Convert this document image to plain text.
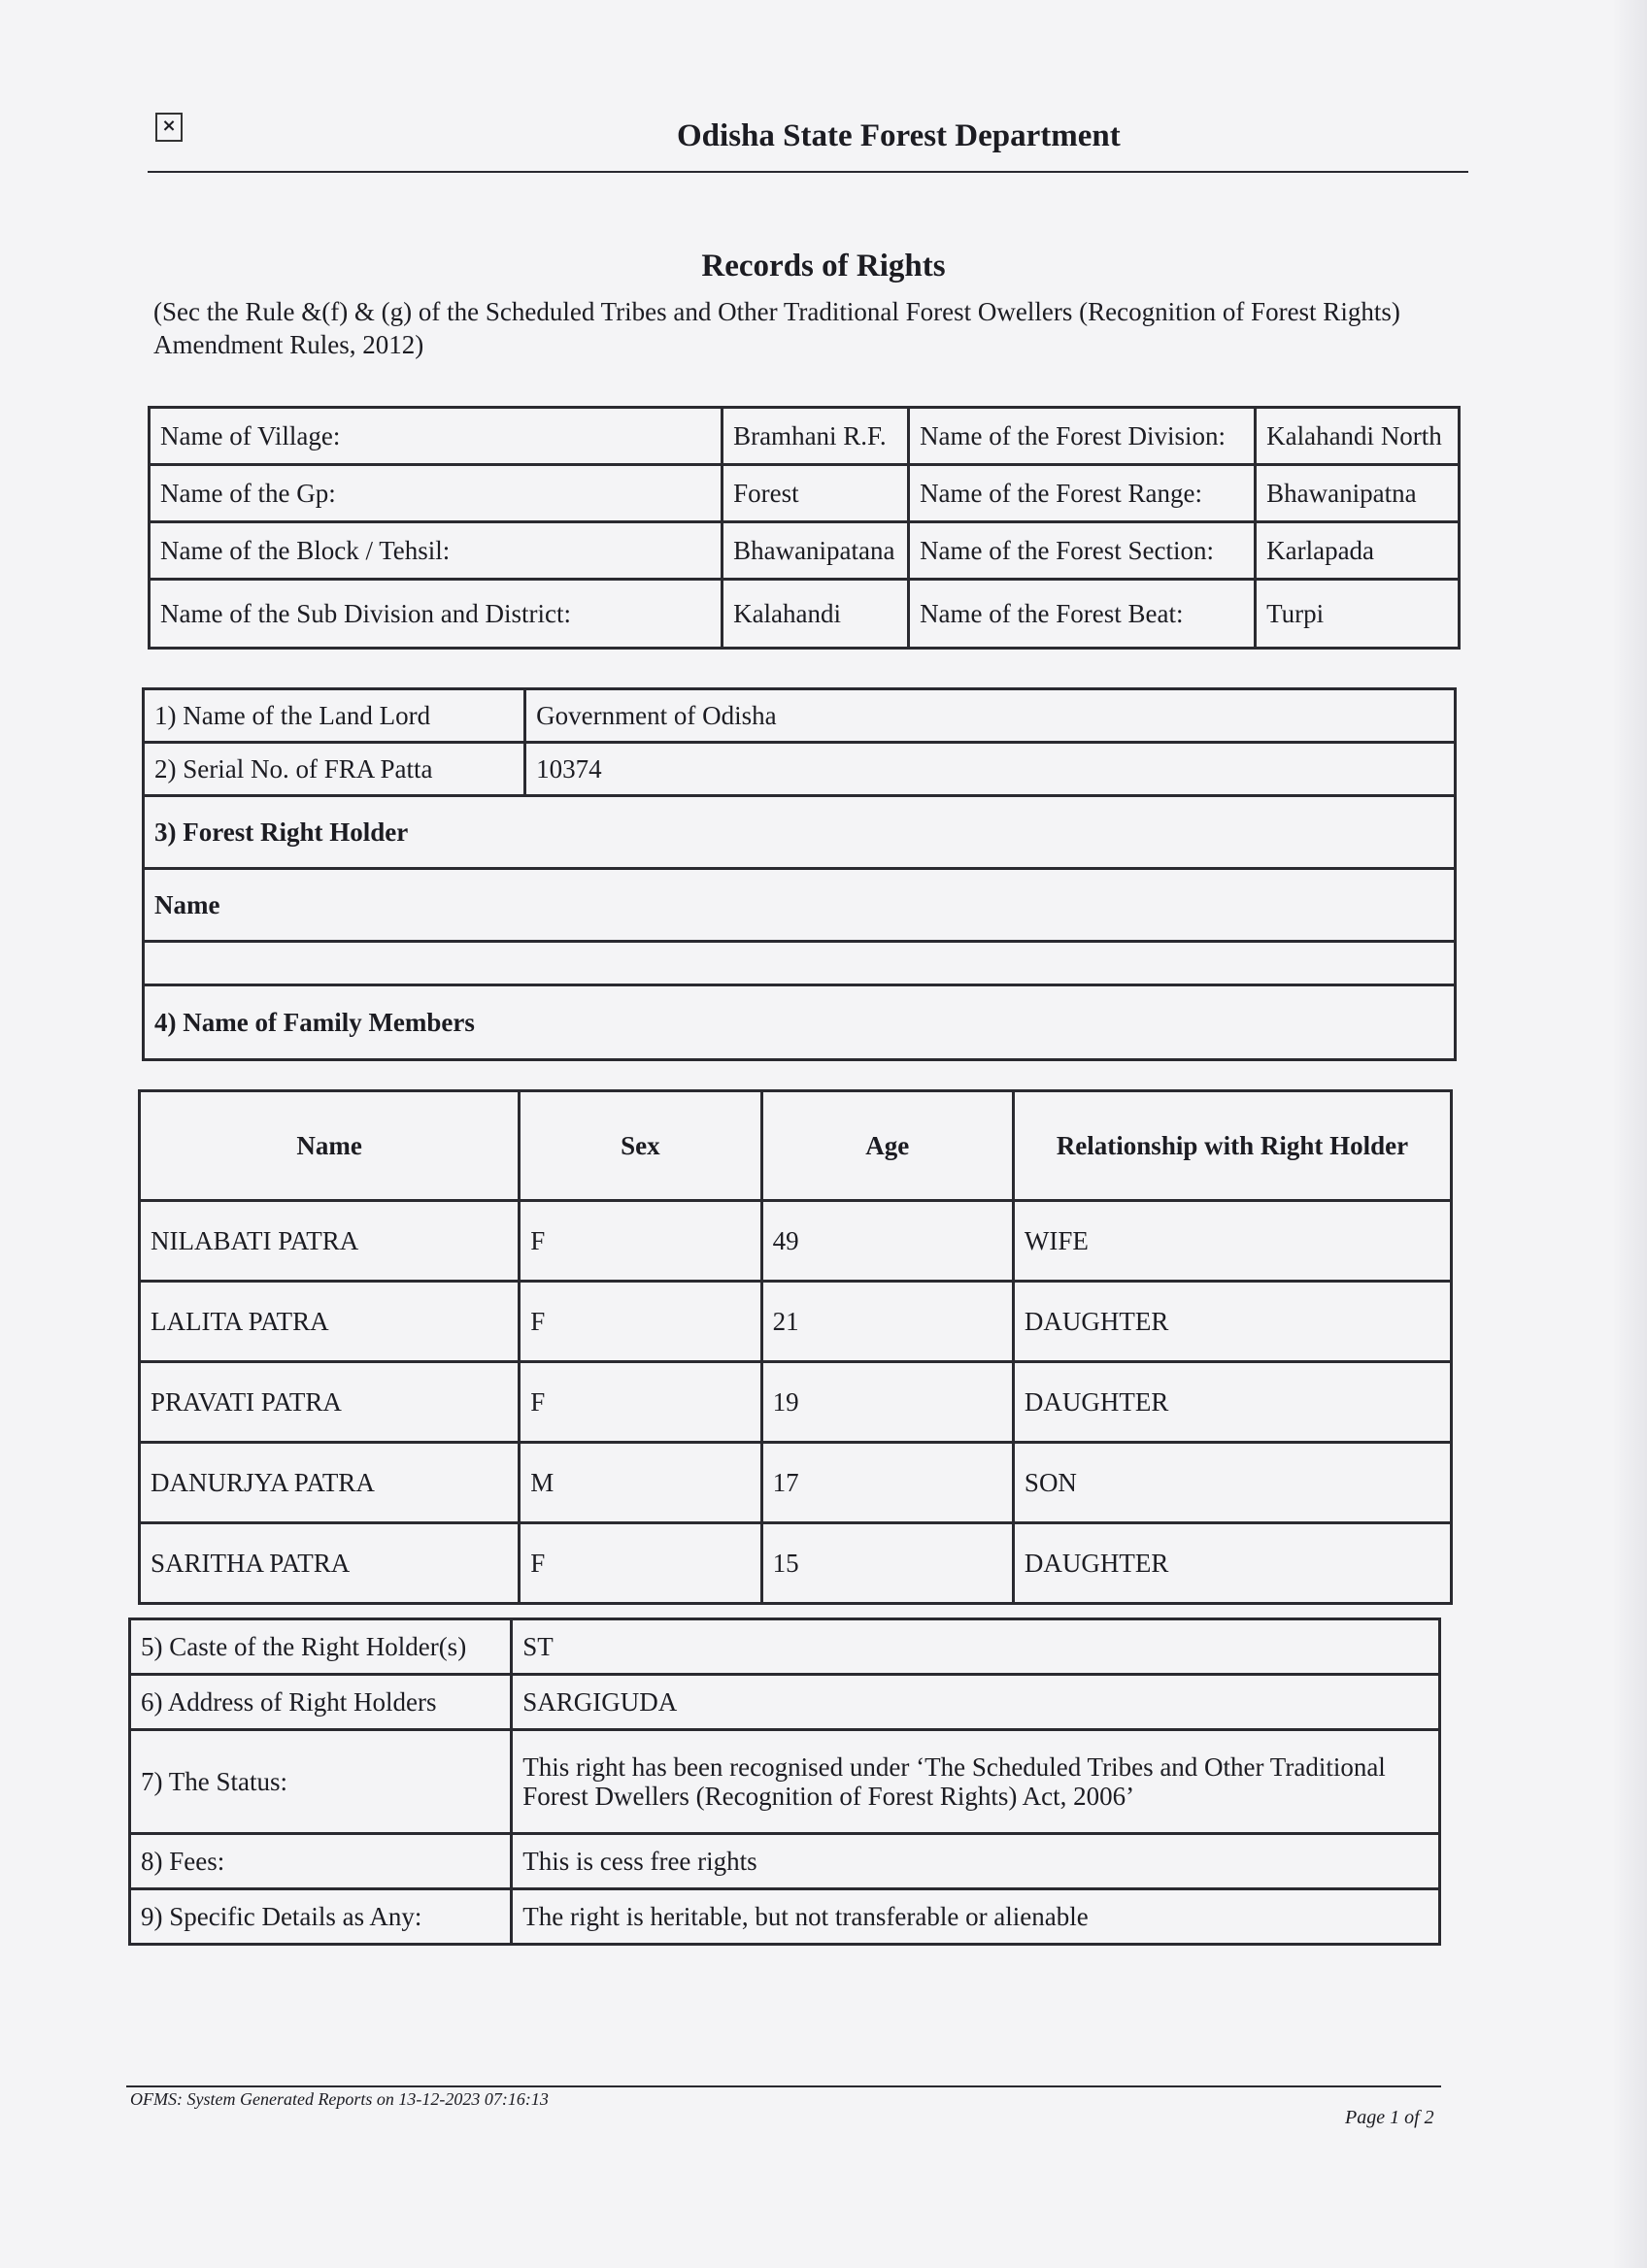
×	Odisha State Forest Department
Records of Rights
(Sec the Rule &(f) & (g) of the Scheduled Tribes and Other Traditional Forest Owellers (Recognition of Forest Rights) Amendment Rules, 2012)
Name of Village:	Bramhani R.F.	Name of the Forest Division:	Kalahandi North
Name of the Gp:	Forest	Name of the Forest Range:	Bhawanipatna
Name of the Block / Tehsil:	Bhawanipatana	Name of the Forest Section:	Karlapada
Name of the Sub Division and District:	Kalahandi	Name of the Forest Beat:	Turpi
1) Name of the Land Lord	Government of Odisha
2) Serial No. of FRA Patta	10374
3) Forest Right Holder	
Name	

4) Name of Family Members	
Name	Sex	Age	Relationship with Right Holder
NILABATI PATRA	F	49	WIFE
LALITA PATRA	F	21	DAUGHTER
PRAVATI PATRA	F	19	DAUGHTER
DANURJYA PATRA	M	17	SON
SARITHA PATRA	F	15	DAUGHTER
5) Caste of the Right Holder(s)	ST
6) Address of Right Holders	SARGIGUDA
7) The Status:	This right has been recognised under ‘The Scheduled Tribes and Other Traditional Forest Dwellers (Recognition of Forest Rights) Act, 2006’
8) Fees:	This is cess free rights
9) Specific Details as Any:	The right is heritable, but not transferable or alienable
OFMS: System Generated Reports on 13-12-2023 07:16:13
Page 1 of 2
